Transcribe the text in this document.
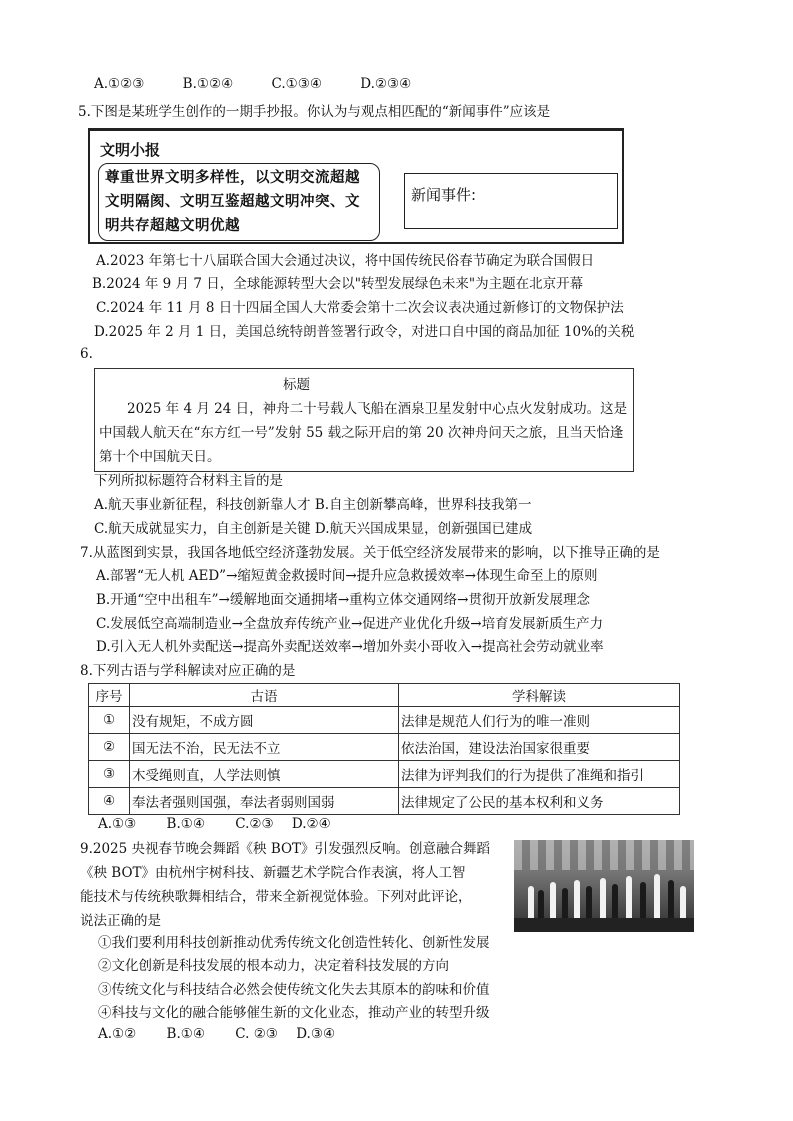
A.①②③	B.①②④	C.①③④	D.②③④
5.下图是某班学生创作的一期手抄报。你认为与观点相匹配的“新闻事件”应该是
文明小报
尊重世界文明多样性，以文明交流超越文明隔阂、文明互鉴超越文明冲突、文明共存超越文明优越
新闻事件:
A.2023 年第七十八届联合国大会通过决议，将中国传统民俗春节确定为联合国假日
B.2024 年 9 月 7 日，全球能源转型大会以"转型发展绿色未来"为主题在北京开幕
C.2024 年 11 月 8 日十四届全国人大常委会第十二次会议表决通过新修订的文物保护法
D.2025 年 2 月 1 日，美国总统特朗普签署行政令，对进口自中国的商品加征 10%的关税
6.
标题
2025 年 4 月 24 日，神舟二十号载人飞船在酒泉卫星发射中心点火发射成功。这是中国载人航天在“东方红一号”发射 55 载之际开启的第 20 次神舟问天之旅，且当天恰逢第十个中国航天日。
下列所拟标题符合材料主旨的是
A.航天事业新征程，科技创新靠人才 B.自主创新攀高峰，世界科技我第一
C.航天成就显实力，自主创新是关键 D.航天兴国成果显，创新强国已建成
7.从蓝图到实景，我国各地低空经济蓬勃发展。关于低空经济发展带来的影响，以下推导正确的是
A.部署“无人机 AED”→缩短黄金救援时间→提升应急救援效率→体现生命至上的原则
B.开通“空中出租车”→缓解地面交通拥堵→重构立体交通网络→贯彻开放新发展理念
C.发展低空高端制造业→全盘放弃传统产业→促进产业优化升级→培育发展新质生产力
D.引入无人机外卖配送→提高外卖配送效率→增加外卖小哥收入→提高社会劳动就业率
8.下列古语与学科解读对应正确的是
序号	古语	学科解读
①	没有规矩，不成方圆	法律是规范人们行为的唯一准则
②	国无法不治，民无法不立	依法治国，建设法治国家很重要
③	木受绳则直，人学法则慎	法律为评判我们的行为提供了准绳和指引
④	奉法者强则国强，奉法者弱则国弱	法律规定了公民的基本权利和义务
A.①③ B.①④ C.②③ D.②④
9.2025 央视春节晚会舞蹈《秧 BOT》引发强烈反响。创意融合舞蹈
《秧 BOT》由杭州宇树科技、新疆艺术学院合作表演，将人工智
能技术与传统秧歌舞相结合，带来全新视觉体验。下列对此评论，
说法正确的是
①我们要利用科技创新推动优秀传统文化创造性转化、创新性发展
②文化创新是科技发展的根本动力，决定着科技发展的方向
③传统文化与科技结合必然会使传统文化失去其原本的韵味和价值
④科技与文化的融合能够催生新的文化业态，推动产业的转型升级
A.①② B.①④ C. ②③ D.③④
